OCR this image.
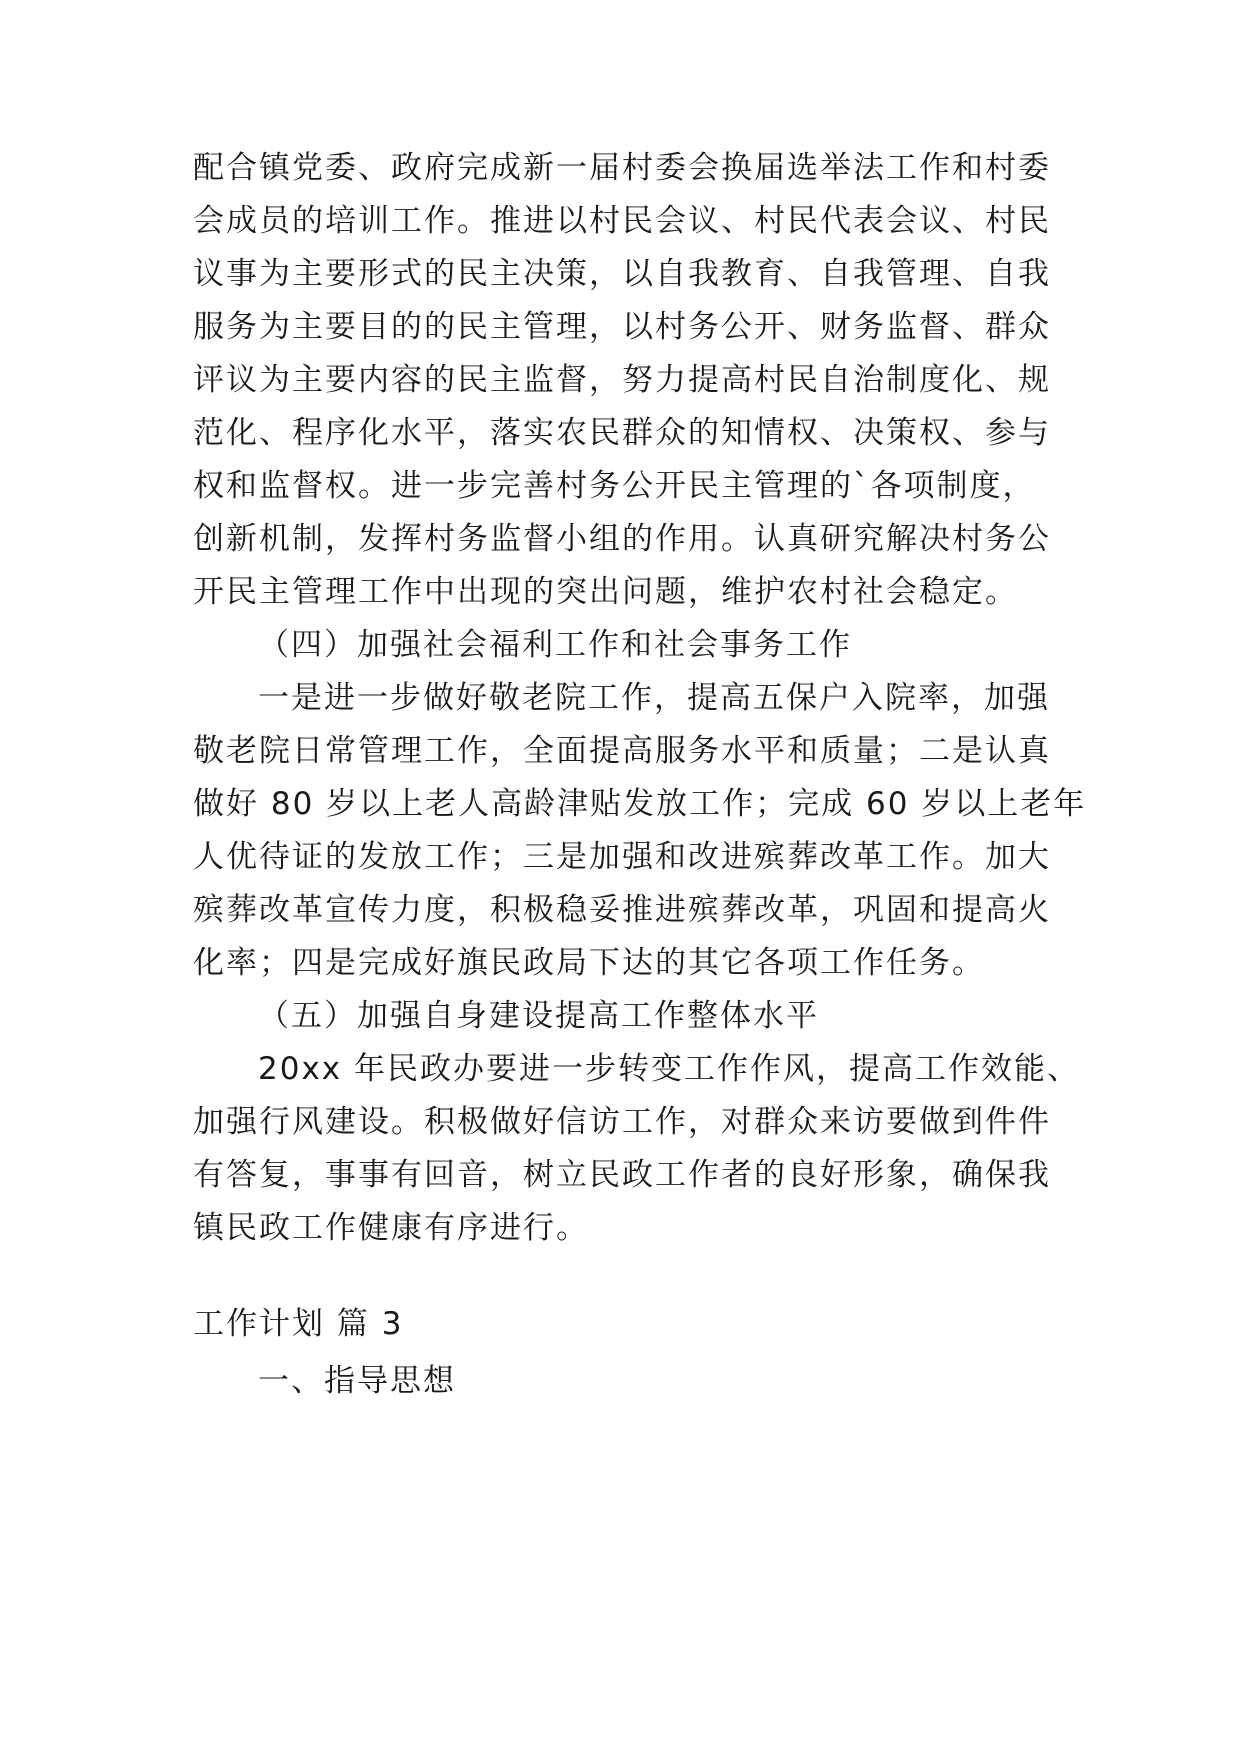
配合镇党委、政府完成新一届村委会换届选举法工作和村委
会成员的培训工作。推进以村民会议、村民代表会议、村民
议事为主要形式的民主决策，以自我教育、自我管理、自我
服务为主要目的的民主管理，以村务公开、财务监督、群众
评议为主要内容的民主监督，努力提高村民自治制度化、规
范化、程序化水平，落实农民群众的知情权、决策权、参与
权和监督权。进一步完善村务公开民主管理的`各项制度，
创新机制，发挥村务监督小组的作用。认真研究解决村务公
开民主管理工作中出现的突出问题，维护农村社会稳定。
（四）加强社会福利工作和社会事务工作
一是进一步做好敬老院工作，提高五保户入院率，加强
敬老院日常管理工作，全面提高服务水平和质量；二是认真
做好 80 岁以上老人高龄津贴发放工作；完成 60 岁以上老年
人优待证的发放工作；三是加强和改进殡葬改革工作。加大
殡葬改革宣传力度，积极稳妥推进殡葬改革，巩固和提高火
化率；四是完成好旗民政局下达的其它各项工作任务。
（五）加强自身建设提高工作整体水平
20xx 年民政办要进一步转变工作作风，提高工作效能、
加强行风建设。积极做好信访工作，对群众来访要做到件件
有答复，事事有回音，树立民政工作者的良好形象，确保我
镇民政工作健康有序进行。
工作计划 篇 3
一、指导思想
